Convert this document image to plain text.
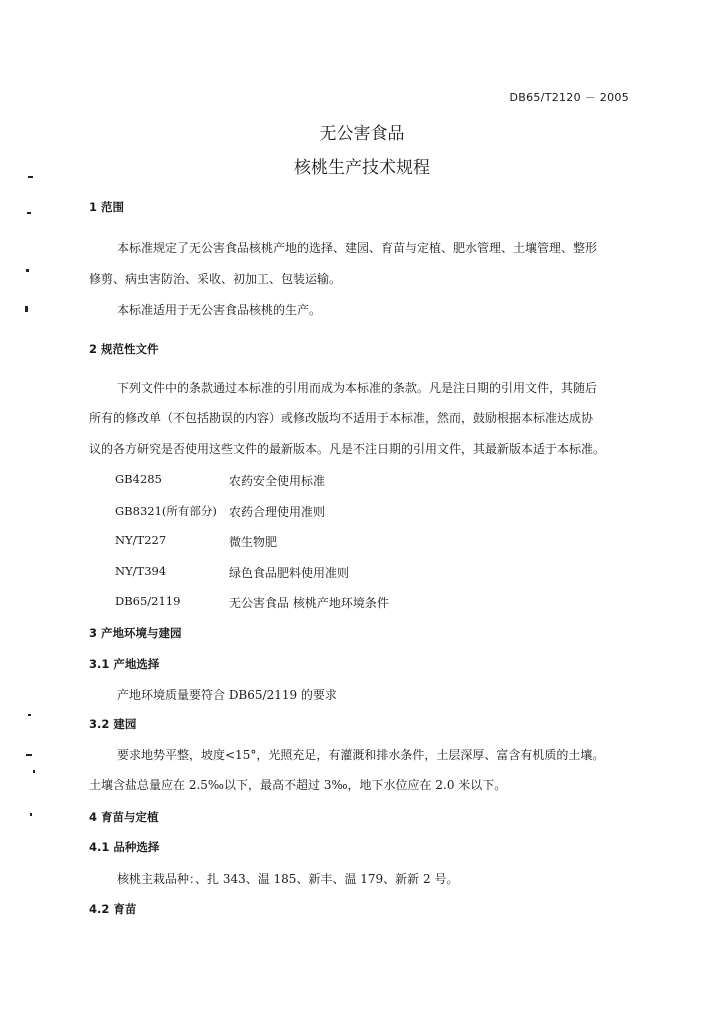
DB65/T2120 － 2005
无公害食品
核桃生产技术规程
1 范围
本标准规定了无公害食品核桃产地的选择、建园、育苗与定植、肥水管理、土壤管理、整形
修剪、病虫害防治、采收、初加工、包装运输。
本标准适用于无公害食品核桃的生产。
2 规范性文件
下列文件中的条款通过本标准的引用而成为本标准的条款。凡是注日期的引用文件，其随后
所有的修改单（不包括勘误的内容）或修改版均不适用于本标准，然而，鼓励根据本标准达成协
议的各方研究是否使用这些文件的最新版本。凡是不注日期的引用文件，其最新版本适于本标准。
GB4285	农药安全使用标准
GB8321(所有部分) 农药合理使用准则
NY/T227	微生物肥
NY/T394	绿色食品肥料使用准则
DB65/2119	无公害食品 核桃产地环境条件
3 产地环境与建园
3.1 产地选择
产地环境质量要符合 DB65/2119 的要求
3.2 建园
要求地势平整，坡度<15°，光照充足，有灌溉和排水条件，土层深厚、富含有机质的土壤。
土壤含盐总量应在 2.5‰以下，最高不超过 3‰，地下水位应在 2.0 米以下。
4 育苗与定植
4.1 品种选择
核桃主栽品种：、扎 343、温 185、新丰、温 179、新新 2 号。
4.2 育苗
